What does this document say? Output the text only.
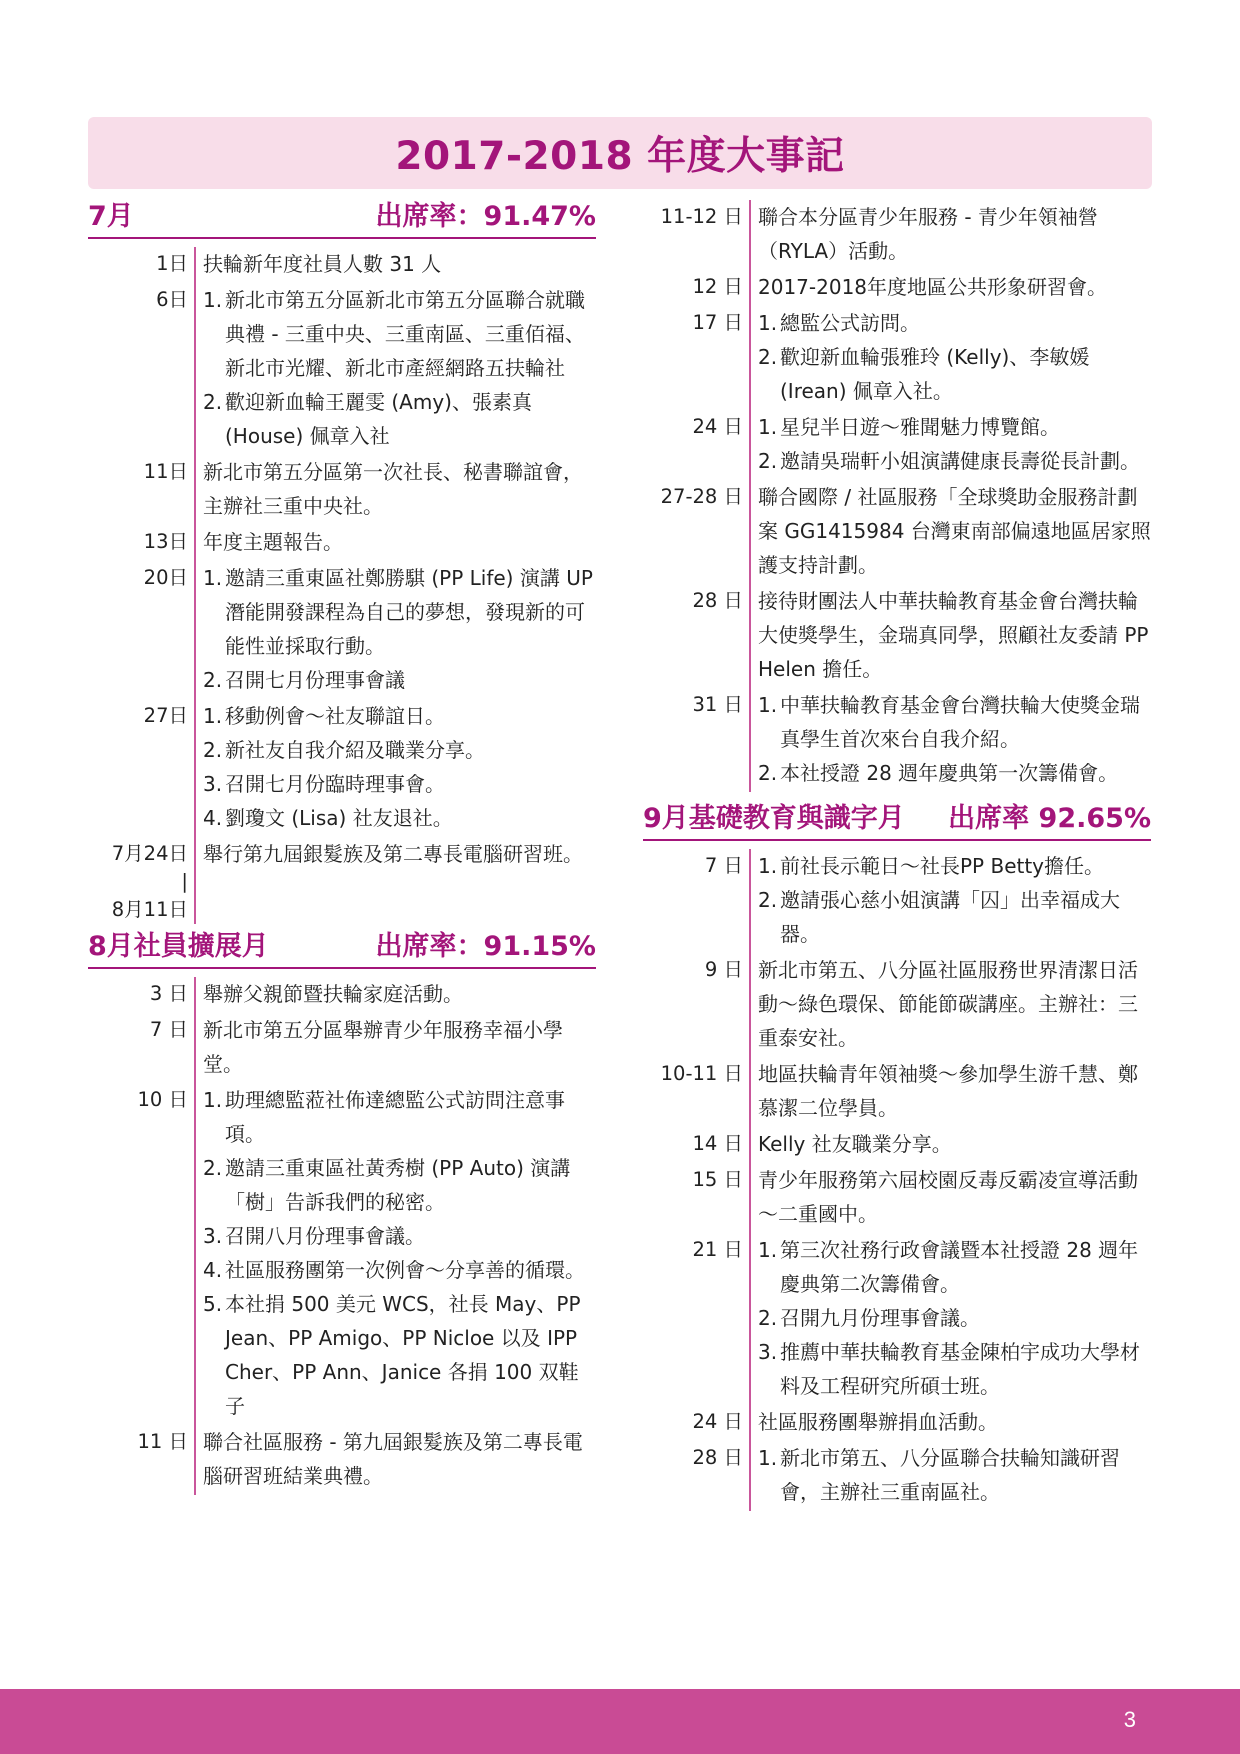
2017-2018 年度大事記
7月	出席率：91.47%
1日 扶輪新年度社員人數 31 人
6日 1. 新北市第五分區新北市第五分區聯合就職典禮 - 三重中央、三重南區、三重佰福、新北市光耀、新北市產經網路五扶輪社
2. 歡迎新血輪王麗雯 (Amy)、張素真 (House) 佩章入社
11日 新北市第五分區第一次社長、秘書聯誼會，主辦社三重中央社。
13日 年度主題報告。
20日 1. 邀請三重東區社鄭勝騏 (PP Life) 演講 UP 潛能開發課程為自己的夢想，發現新的可能性並採取行動。
2. 召開七月份理事會議
27日 1. 移動例會～社友聯誼日。
2. 新社友自我介紹及職業分享。
3. 召開七月份臨時理事會。
4. 劉瓊文 (Lisa) 社友退社。
7月24日
|
8月11日
舉行第九屆銀髮族及第二專長電腦研習班。
8月社員擴展月	出席率：91.15%
3 日 舉辦父親節暨扶輪家庭活動。
7 日 新北市第五分區舉辦青少年服務幸福小學堂。
10 日 1. 助理總監蒞社佈達總監公式訪問注意事項。
2. 邀請三重東區社黃秀樹 (PP Auto) 演講「樹」告訴我們的秘密。
3. 召開八月份理事會議。
4. 社區服務團第一次例會～分享善的循環。
5. 本社捐 500 美元 WCS，社長 May、PP Jean、PP Amigo、PP Nicloe 以及 IPP Cher、PP Ann、Janice 各捐 100 双鞋子
11 日 聯合社區服務 - 第九屆銀髮族及第二專長電腦研習班結業典禮。
11-12 日 聯合本分區青少年服務 - 青少年領袖營（RYLA）活動。
12 日 2017-2018年度地區公共形象研習會。
17 日 1. 總監公式訪問。
2. 歡迎新血輪張雅玲 (Kelly)、李敏媛 (Irean) 佩章入社。
24 日 1. 星兒半日遊～雅聞魅力博覽館。
2. 邀請吳瑞軒小姐演講健康長壽從長計劃。
27-28 日 聯合國際 / 社區服務「全球獎助金服務計劃案 GG1415984 台灣東南部偏遠地區居家照護支持計劃。
28 日 接待財團法人中華扶輪教育基金會台灣扶輪大使獎學生，金瑞真同學，照顧社友委請 PP Helen 擔任。
31 日 1. 中華扶輪教育基金會台灣扶輪大使獎金瑞真學生首次來台自我介紹。
2. 本社授證 28 週年慶典第一次籌備會。
9月基礎教育與識字月 出席率 92.65%
7 日 1. 前社長示範日～社長PP Betty擔任。
2. 邀請張心慈小姐演講「囚」出幸福成大器。
9 日 新北市第五、八分區社區服務世界清潔日活動～綠色環保、節能節碳講座。主辦社：三重泰安社。
10-11 日 地區扶輪青年領袖獎～參加學生游千慧、鄭慕潔二位學員。
14 日 Kelly 社友職業分享。
15 日 青少年服務第六屆校園反毒反霸凌宣導活動～二重國中。
21 日 1. 第三次社務行政會議暨本社授證 28 週年慶典第二次籌備會。
2. 召開九月份理事會議。
3. 推薦中華扶輪教育基金陳柏宇成功大學材料及工程研究所碩士班。
24 日 社區服務團舉辦捐血活動。
28 日 1. 新北市第五、八分區聯合扶輪知識研習會，主辦社三重南區社。
3
